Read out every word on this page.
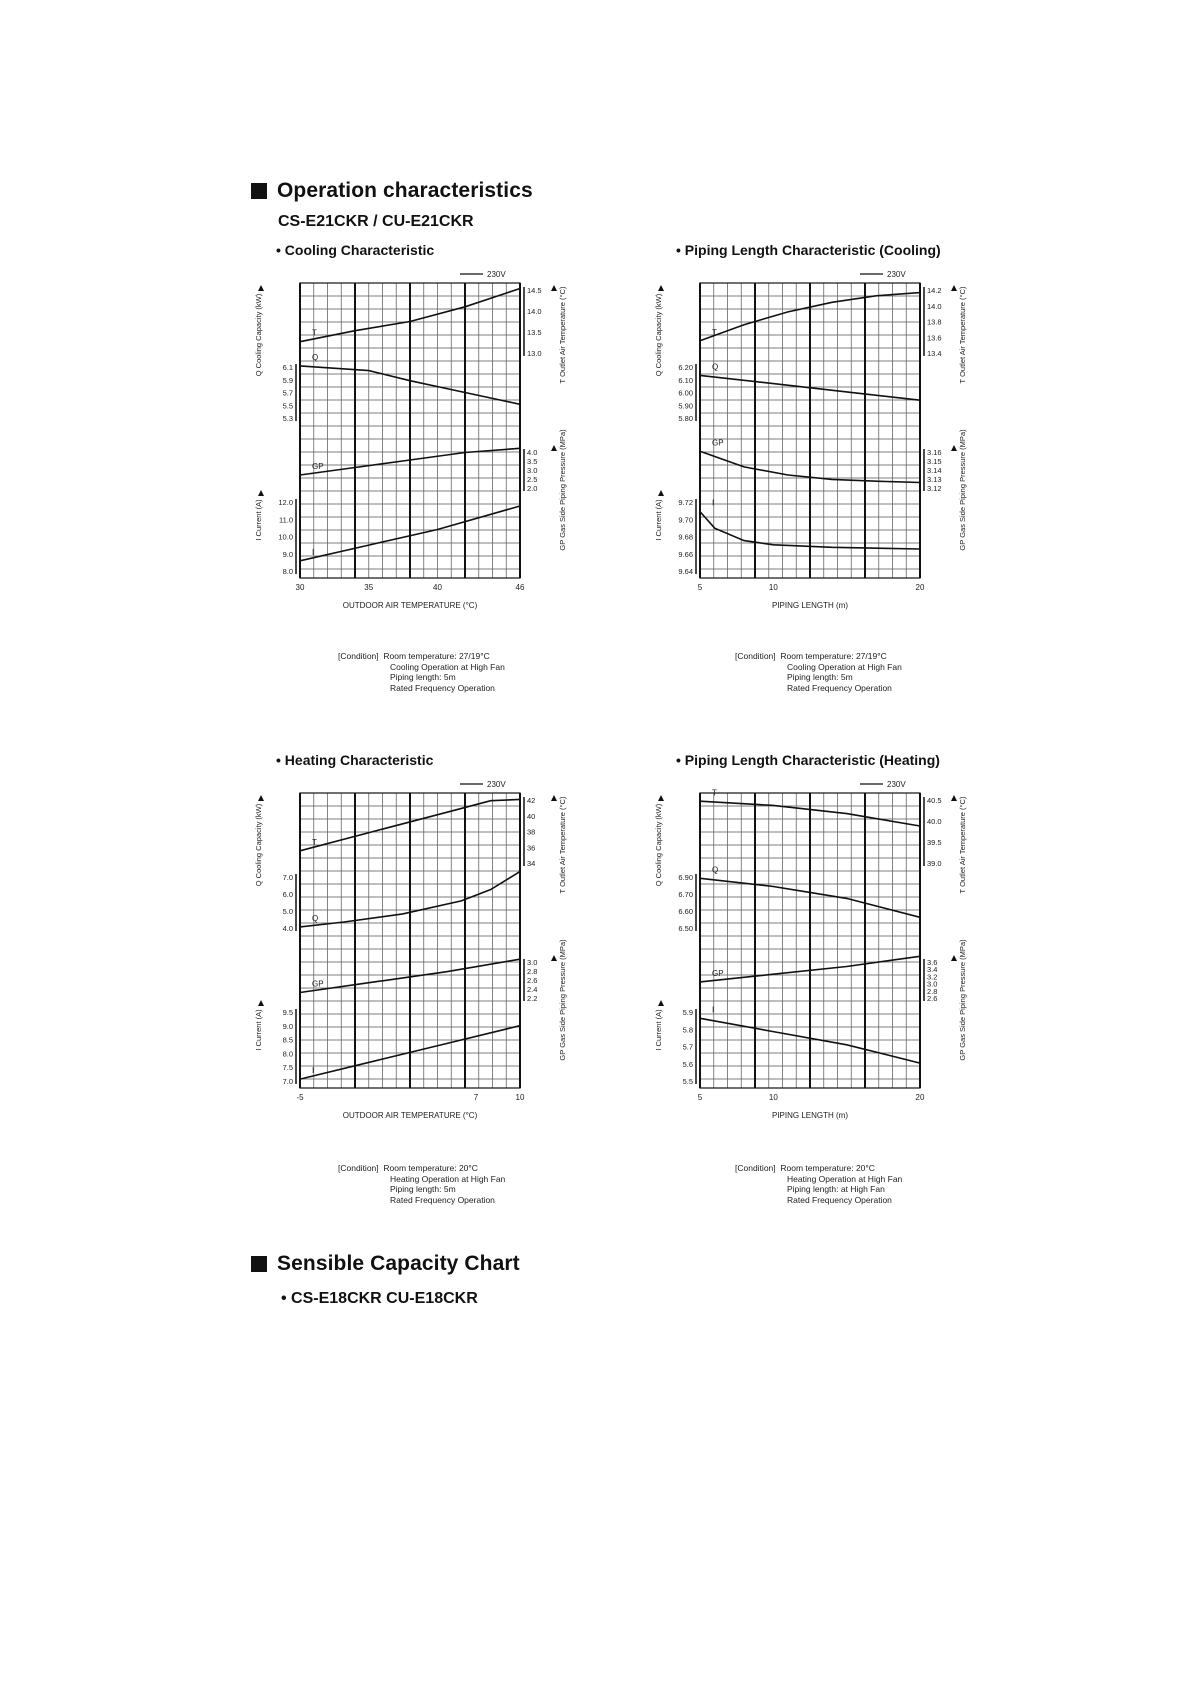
Operation characteristics
CS-E21CKR / CU-E21CKR
• Cooling Characteristic
230V
14.5
14.0
13.5
13.0
T
6.1
5.9
5.7
5.5
5.3
Q
4.0
3.5
3.0
2.5
2.0
GP
12.0
11.0
10.0
9.0
8.0
I
Q Cooling Capacity (kW)
I Current (A)
T Outlet Air Temperature (°C)
GP Gas Side Piping Pressure (MPa)
30	35	40	46
OUTDOOR AIR TEMPERATURE (°C)
[Condition]  Room temperature: 27/19°C
Cooling Operation at High Fan
Piping length: 5m
Rated Frequency Operation
• Piping Length Characteristic (Cooling)
230V
14.2
14.0
13.8
13.6
13.4
T
6.20
6.10
6.00
5.90
5.80
Q
3.16
3.15
3.14
3.13
3.12
GP
9.72
9.70
9.68
9.66
9.64
I
Q Cooling Capacity (kW)
I Current (A)
T Outlet Air Temperature (°C)
GP Gas Side Piping Pressure (MPa)
5	10	20
PIPING LENGTH (m)
[Condition]  Room temperature: 27/19°C
Cooling Operation at High Fan
Piping length: 5m
Rated Frequency Operation
• Heating Characteristic
230V
42
40
38
36
34
T
7.0
6.0
5.0
4.0
Q
3.0
2.8
2.6
2.4
2.2
GP
9.5
9.0
8.5
8.0
7.5
7.0
I
Q Cooling Capacity (kW)
I Current (A)
T Outlet Air Temperature (°C)
GP Gas Side Piping Pressure (MPa)
-5	7	10
OUTDOOR AIR TEMPERATURE (°C)
[Condition]  Room temperature: 20°C
Heating Operation at High Fan
Piping length: 5m
Rated Frequency Operation
• Piping Length Characteristic (Heating)
230V
40.5
40.0
39.5
39.0
T
6.90
6.70
6.60
6.50
Q
3.6
3.4
3.2
3.0
2.8
2.6
GP
5.9
5.8
5.7
5.6
5.5
I
Q Cooling Capacity (kW)
I Current (A)
T Outlet Air Temperature (°C)
GP Gas Side Piping Pressure (MPa)
5	10	20
PIPING LENGTH (m)
[Condition]  Room temperature: 20°C
Heating Operation at High Fan
Piping length: at High Fan
Rated Frequency Operation
Sensible Capacity Chart
• CS-E18CKR CU-E18CKR
